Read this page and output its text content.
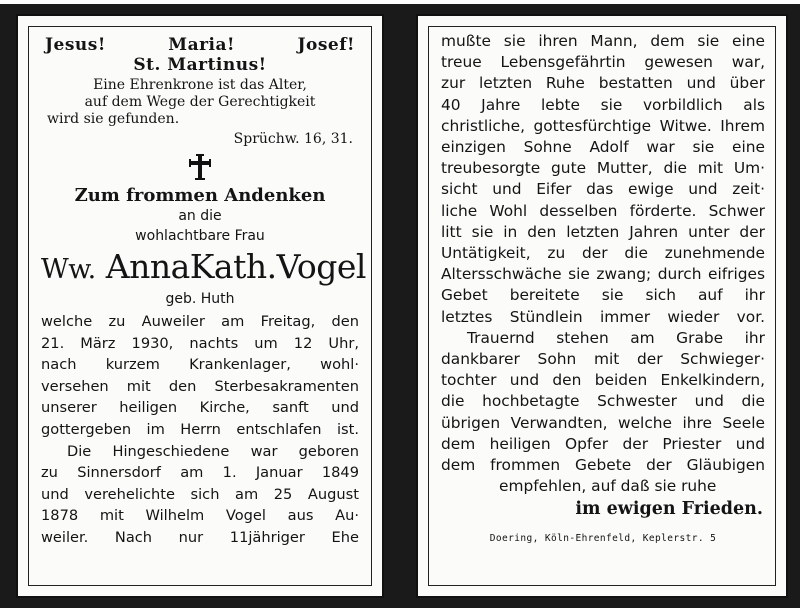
Jesus!	Maria!	Josef!
St. Martinus!
Eine Ehrenkrone ist das Alter,
auf dem Wege der Gerechtigkeit
wird sie gefunden.
Sprüchw. 16, 31.
Zum frommen Andenken
an die
wohlachtbare Frau
Ww. AnnaKath.Vogel
geb. Huth
welche zu Auweiler am Freitag, den
21. März 1930, nachts um 12 Uhr,
nach kurzem Krankenlager, wohl·
versehen mit den Sterbesakramenten
unserer heiligen Kirche, sanft und
gottergeben im Herrn entschlafen ist.
Die Hingeschiedene war geboren
zu Sinnersdorf am 1. Januar 1849
und verehelichte sich am 25 August
1878 mit Wilhelm Vogel aus Au·
weiler. Nach nur 11jähriger Ehe
mußte sie ihren Mann, dem sie eine
treue Lebensgefährtin gewesen war,
zur letzten Ruhe bestatten und über
40 Jahre lebte sie vorbildlich als
christliche, gottesfürchtige Witwe. Ihrem
einzigen Sohne Adolf war sie eine
treubesorgte gute Mutter, die mit Um·
sicht und Eifer das ewige und zeit·
liche Wohl desselben förderte. Schwer
litt sie in den letzten Jahren unter der
Untätigkeit, zu der die zunehmende
Altersschwäche sie zwang; durch eifriges
Gebet bereitete sie sich auf ihr
letztes Stündlein immer wieder vor.
Trauernd stehen am Grabe ihr
dankbarer Sohn mit der Schwieger·
tochter und den beiden Enkelkindern,
die hochbetagte Schwester und die
übrigen Verwandten, welche ihre Seele
dem heiligen Opfer der Priester und
dem frommen Gebete der Gläubigen
empfehlen, auf daß sie ruhe
im ewigen Frieden.
Doering, Köln-Ehrenfeld, Keplerstr. 5
